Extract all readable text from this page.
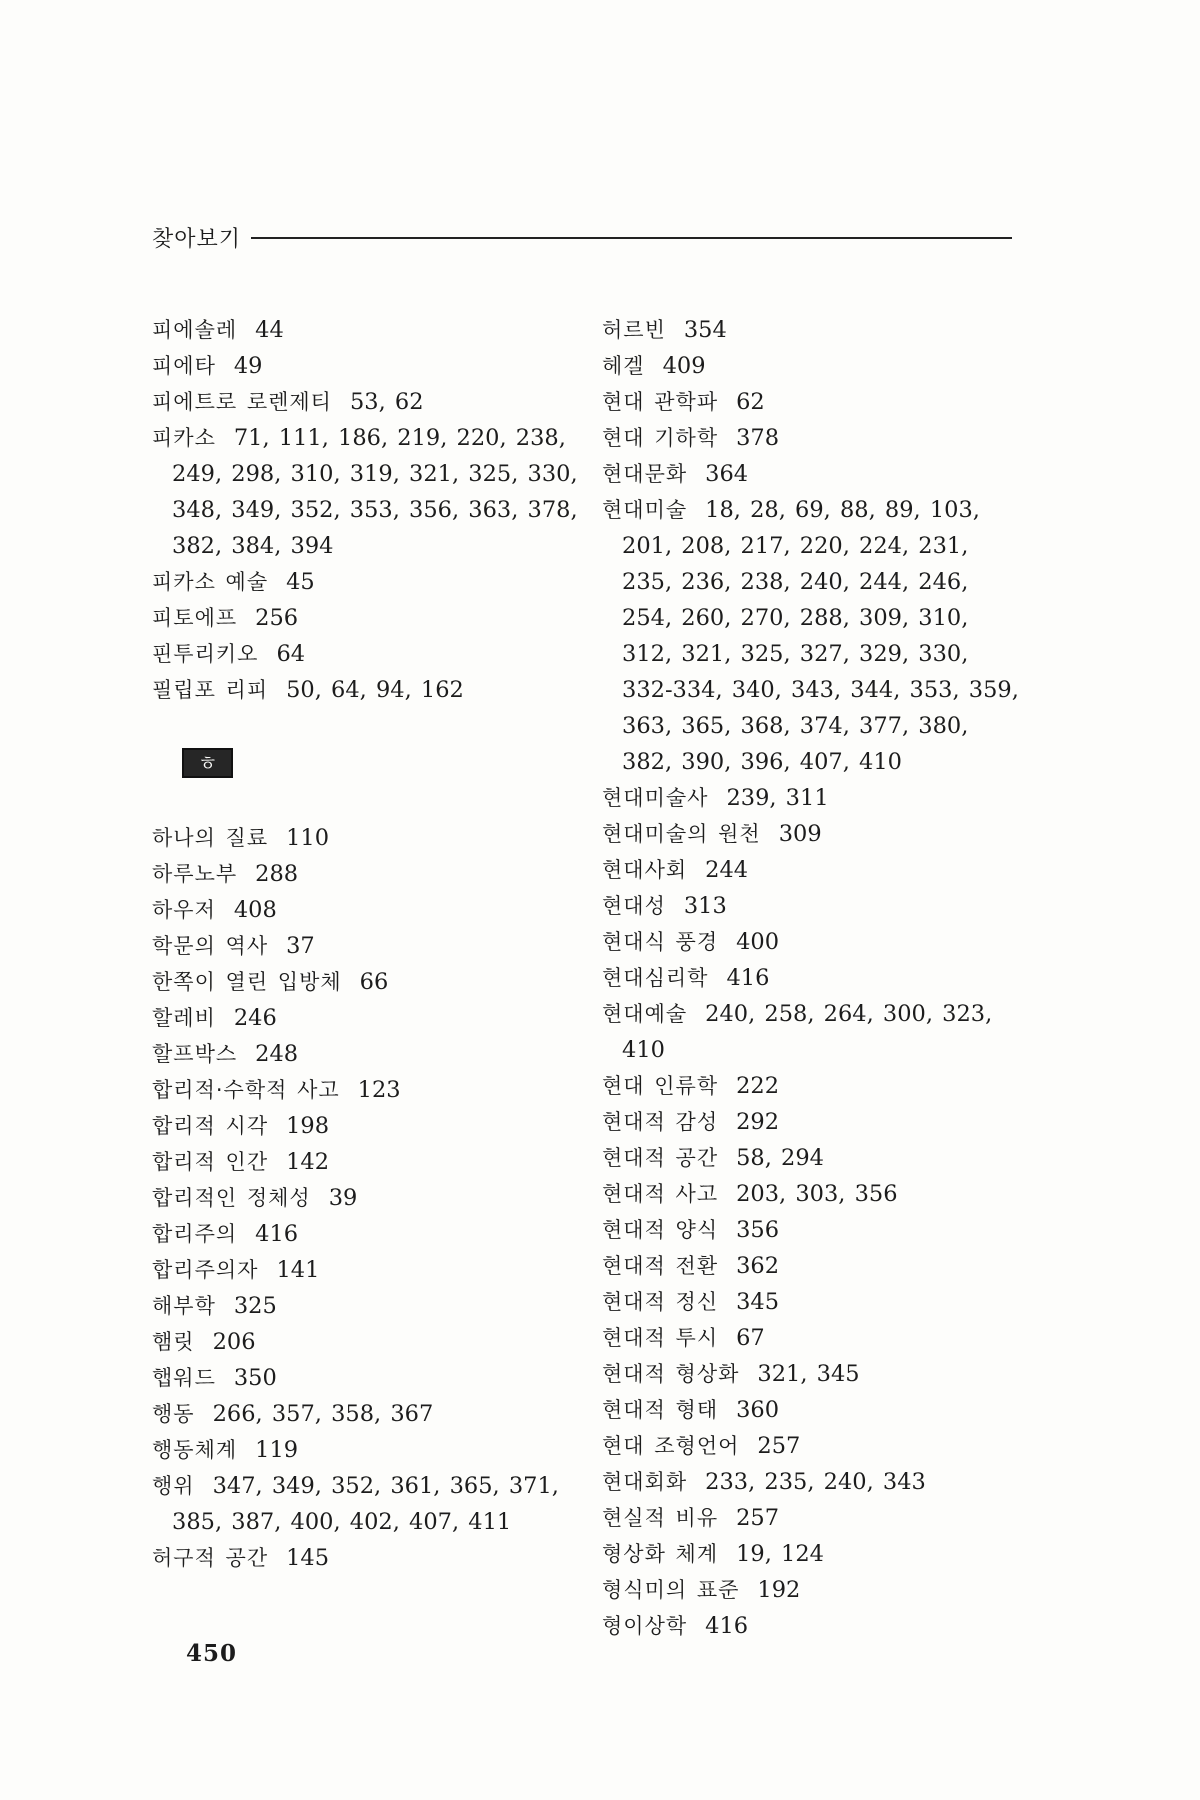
찾아보기
피에솔레 44
피에타 49
피에트로 로렌제티 53, 62
피카소 71, 111, 186, 219, 220, 238, 249, 298, 310, 319, 321, 325, 330, 348, 349, 352, 353, 356, 363, 378, 382, 384, 394
피카소 예술 45
피토에프 256
핀투리키오 64
필립포 리피 50, 64, 94, 162
ㅎ
하나의 질료 110
하루노부 288
하우저 408
학문의 역사 37
한쪽이 열린 입방체 66
할레비 246
할프박스 248
합리적·수학적 사고 123
합리적 시각 198
합리적 인간 142
합리적인 정체성 39
합리주의 416
합리주의자 141
해부학 325
햄릿 206
햅워드 350
행동 266, 357, 358, 367
행동체계 119
행위 347, 349, 352, 361, 365, 371, 385, 387, 400, 402, 407, 411
허구적 공간 145
허르빈 354
헤겔 409
현대 관학파 62
현대 기하학 378
현대문화 364
현대미술 18, 28, 69, 88, 89, 103, 201, 208, 217, 220, 224, 231, 235, 236, 238, 240, 244, 246, 254, 260, 270, 288, 309, 310, 312, 321, 325, 327, 329, 330, 332-334, 340, 343, 344, 353, 359, 363, 365, 368, 374, 377, 380, 382, 390, 396, 407, 410
현대미술사 239, 311
현대미술의 원천 309
현대사회 244
현대성 313
현대식 풍경 400
현대심리학 416
현대예술 240, 258, 264, 300, 323, 410
현대 인류학 222
현대적 감성 292
현대적 공간 58, 294
현대적 사고 203, 303, 356
현대적 양식 356
현대적 전환 362
현대적 정신 345
현대적 투시 67
현대적 형상화 321, 345
현대적 형태 360
현대 조형언어 257
현대회화 233, 235, 240, 343
현실적 비유 257
형상화 체계 19, 124
형식미의 표준 192
형이상학 416
450
